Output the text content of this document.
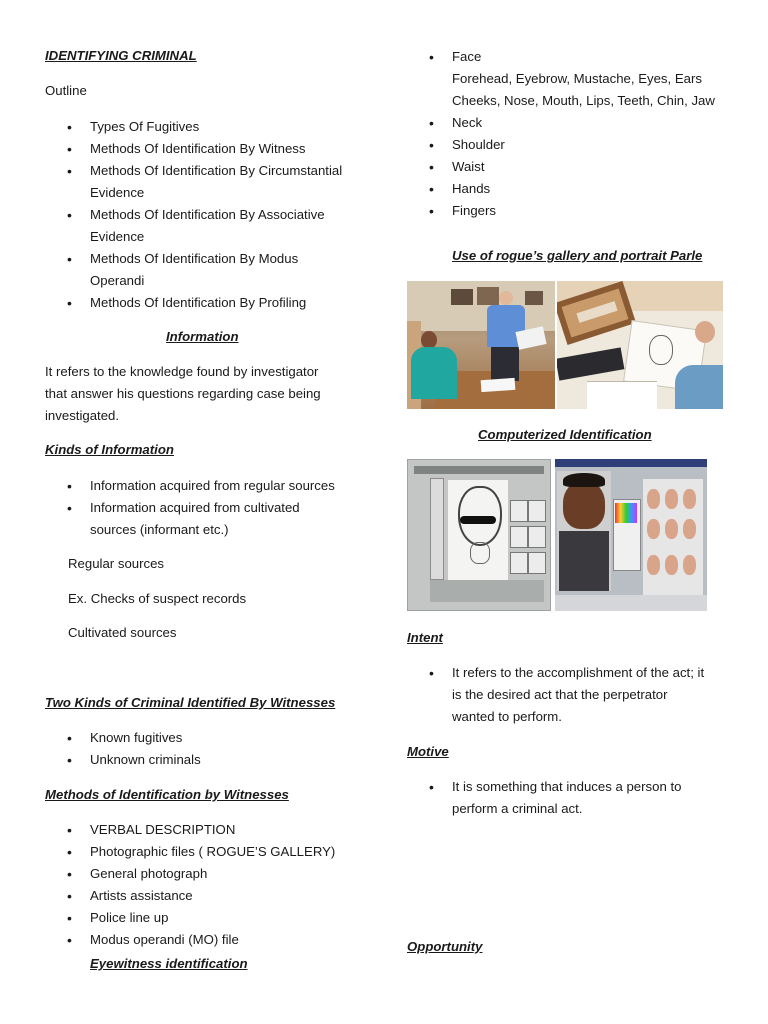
IDENTIFYING CRIMINAL
Outline
• Types Of Fugitives
• Methods Of Identification By Witness
• Methods Of Identification By Circumstantial
Evidence
• Methods Of Identification By Associative
Evidence
• Methods Of Identification By Modus
Operandi
• Methods Of Identification By Profiling
Information
It refers to the knowledge found by investigator
that answer his questions regarding case being
investigated.
Kinds of Information
• Information acquired from regular sources
• Information acquired from cultivated
sources (informant etc.)
Regular sources
Ex. Checks of suspect records
Cultivated sources
Two Kinds of Criminal Identified By Witnesses
• Known fugitives
• Unknown criminals
Methods of Identification by Witnesses
• VERBAL DESCRIPTION
• Photographic files ( ROGUE’S GALLERY)
• General photograph
• Artists assistance
• Police line up
• Modus operandi (MO) file
Eyewitness identification
• Face
Forehead, Eyebrow, Mustache, Eyes, Ears
Cheeks, Nose, Mouth, Lips, Teeth, Chin, Jaw
• Neck
• Shoulder
• Waist
• Hands
• Fingers
Use of rogue’s gallery and portrait Parle
Computerized Identification
Intent
• It refers to the accomplishment of the act; it
is the desired act that the perpetrator
wanted to perform.
Motive
• It is something that induces a person to
perform a criminal act.
Opportunity
